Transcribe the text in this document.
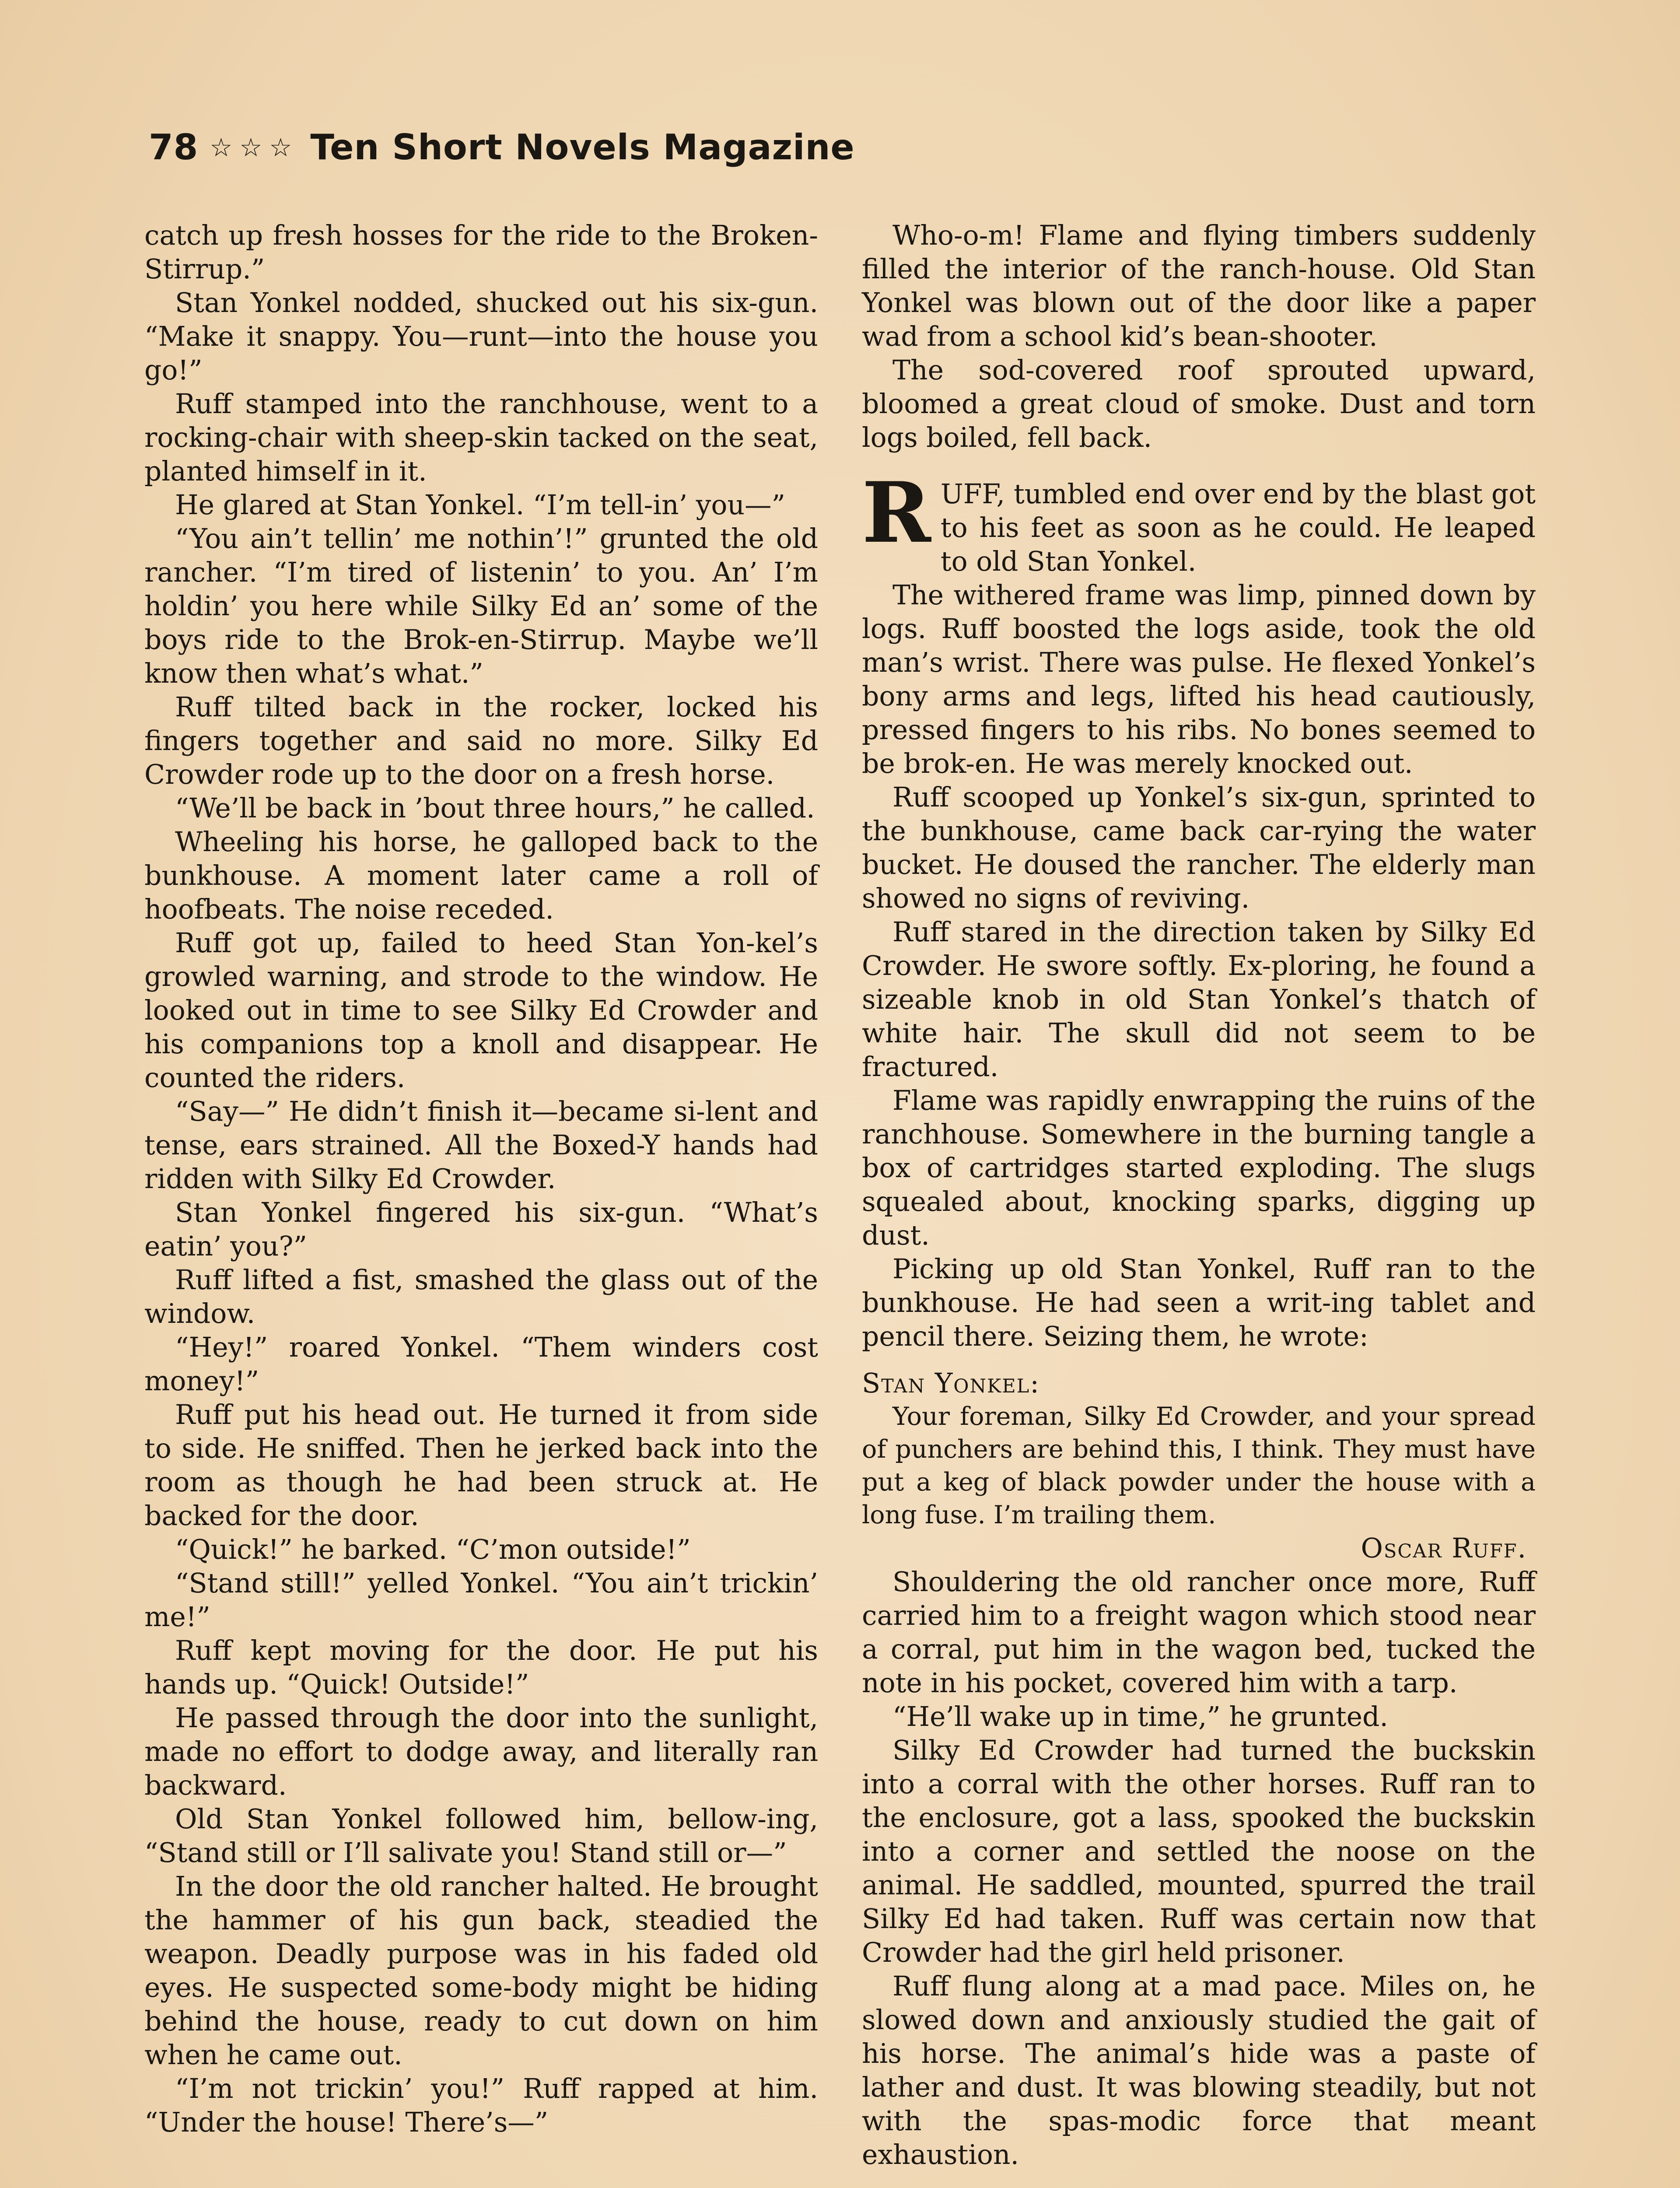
78 ☆☆☆ Ten Short Novels Magazine

catch up fresh hosses for the ride to the Broken-Stirrup.”

Stan Yonkel nodded, shucked out his six-gun. “Make it snappy. You—runt—into the house you go!”

Ruff stamped into the ranchhouse, went to a rocking-chair with sheep-skin tacked on the seat, planted himself in it.

He glared at Stan Yonkel. “I’m tell-in’ you—”

“You ain’t tellin’ me nothin’!” grunted the old rancher. “I’m tired of listenin’ to you. An’ I’m holdin’ you here while Silky Ed an’ some of the boys ride to the Brok-en-Stirrup. Maybe we’ll know then what’s what.”

Ruff tilted back in the rocker, locked his fingers together and said no more. Silky Ed Crowder rode up to the door on a fresh horse.

“We’ll be back in ’bout three hours,” he called.

Wheeling his horse, he galloped back to the bunkhouse. A moment later came a roll of hoofbeats. The noise receded.

Ruff got up, failed to heed Stan Yon-kel’s growled warning, and strode to the window. He looked out in time to see Silky Ed Crowder and his companions top a knoll and disappear. He counted the riders.

“Say—” He didn’t finish it—became si-lent and tense, ears strained. All the Boxed-Y hands had ridden with Silky Ed Crowder.

Stan Yonkel fingered his six-gun. “What’s eatin’ you?”

Ruff lifted a fist, smashed the glass out of the window.

“Hey!” roared Yonkel. “Them winders cost money!”

Ruff put his head out. He turned it from side to side. He sniffed. Then he jerked back into the room as though he had been struck at. He backed for the door.

“Quick!” he barked. “C’mon outside!”

“Stand still!” yelled Yonkel. “You ain’t trickin’ me!”

Ruff kept moving for the door. He put his hands up. “Quick! Outside!”

He passed through the door into the sunlight, made no effort to dodge away, and literally ran backward.

Old Stan Yonkel followed him, bellow-ing, “Stand still or I’ll salivate you! Stand still or—”

In the door the old rancher halted. He brought the hammer of his gun back, steadied the weapon. Deadly purpose was in his faded old eyes. He suspected some-body might be hiding behind the house, ready to cut down on him when he came out.

“I’m not trickin’ you!” Ruff rapped at him. “Under the house! There’s—”

Who-o-m! Flame and flying timbers suddenly filled the interior of the ranch-house. Old Stan Yonkel was blown out of the door like a paper wad from a school kid’s bean-shooter.

The sod-covered roof sprouted upward, bloomed a great cloud of smoke. Dust and torn logs boiled, fell back.

RUFF, tumbled end over end by the blast got to his feet as soon as he could. He leaped to old Stan Yonkel.

The withered frame was limp, pinned down by logs. Ruff boosted the logs aside, took the old man’s wrist. There was pulse. He flexed Yonkel’s bony arms and legs, lifted his head cautiously, pressed fingers to his ribs. No bones seemed to be brok-en. He was merely knocked out.

Ruff scooped up Yonkel’s six-gun, sprinted to the bunkhouse, came back car-rying the water bucket. He doused the rancher. The elderly man showed no signs of reviving.

Ruff stared in the direction taken by Silky Ed Crowder. He swore softly. Ex-ploring, he found a sizeable knob in old Stan Yonkel’s thatch of white hair. The skull did not seem to be fractured.

Flame was rapidly enwrapping the ruins of the ranchhouse. Somewhere in the burning tangle a box of cartridges started exploding. The slugs squealed about, knocking sparks, digging up dust.

Picking up old Stan Yonkel, Ruff ran to the bunkhouse. He had seen a writ-ing tablet and pencil there. Seizing them, he wrote:

Stan Yonkel:

Your foreman, Silky Ed Crowder, and your spread of punchers are behind this, I think. They must have put a keg of black powder under the house with a long fuse. I’m trailing them.

Oscar Ruff.

Shouldering the old rancher once more, Ruff carried him to a freight wagon which stood near a corral, put him in the wagon bed, tucked the note in his pocket, covered him with a tarp.

“He’ll wake up in time,” he grunted.

Silky Ed Crowder had turned the buckskin into a corral with the other horses. Ruff ran to the enclosure, got a lass, spooked the buckskin into a corner and settled the noose on the animal. He saddled, mounted, spurred the trail Silky Ed had taken. Ruff was certain now that Crowder had the girl held prisoner.

Ruff flung along at a mad pace. Miles on, he slowed down and anxiously studied the gait of his horse. The animal’s hide was a paste of lather and dust. It was blowing steadily, but not with the spas-modic force that meant exhaustion.
